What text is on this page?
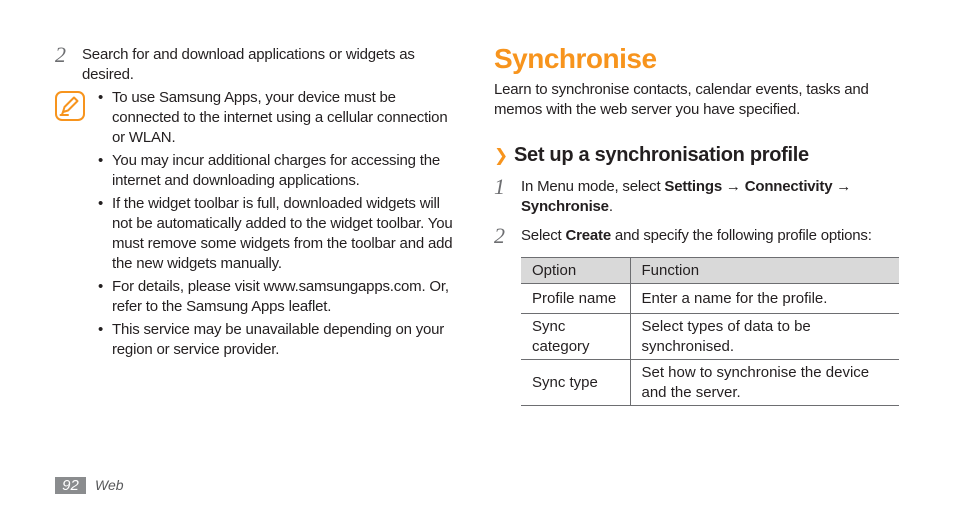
2 Search for and download applications or widgets as desired.
• To use Samsung Apps, your device must be connected to the internet using a cellular connection or WLAN.
• You may incur additional charges for accessing the internet and downloading applications.
• If the widget toolbar is full, downloaded widgets will not be automatically added to the widget toolbar. You must remove some widgets from the toolbar and add the new widgets manually.
• For details, please visit www.samsungapps.com. Or, refer to the Samsung Apps leaflet.
• This service may be unavailable depending on your region or service provider.
Synchronise
Learn to synchronise contacts, calendar events, tasks and memos with the web server you have specified.
❯ Set up a synchronisation profile
1 In Menu mode, select Settings → Connectivity → Synchronise.
2 Select Create and specify the following profile options:
Option	Function
Profile name	Enter a name for the profile.
Sync category	Select types of data to be synchronised.
Sync type	Set how to synchronise the device and the server.
92	Web
